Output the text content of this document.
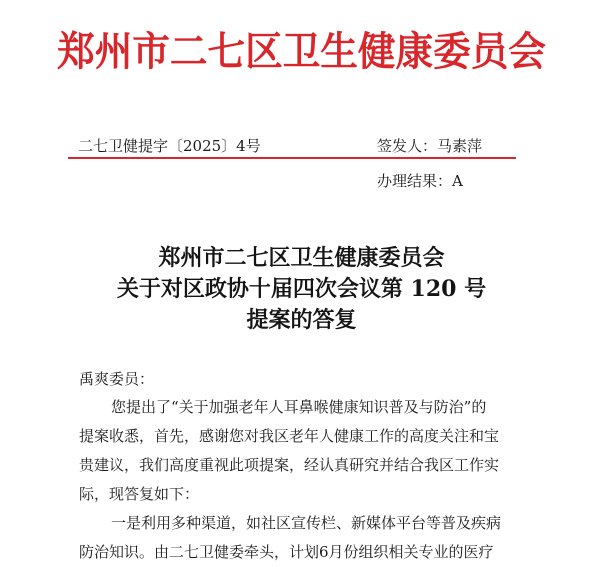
郑州市二七区卫生健康委员会
二七卫健提字〔2025〕4号	签发人：马素萍
办理结果：A
郑州市二七区卫生健康委员会
关于对区政协十届四次会议第 120 号
提案的答复
禹爽委员：
您提出了“关于加强老年人耳鼻喉健康知识普及与防治”的
提案收悉，首先，感谢您对我区老年人健康工作的高度关注和宝
贵建议，我们高度重视此项提案，经认真研究并结合我区工作实
际，现答复如下：
一是利用多种渠道，如社区宣传栏、新媒体平台等普及疾病
防治知识。由二七卫健委牵头，计划6月份组织相关专业的医疗
